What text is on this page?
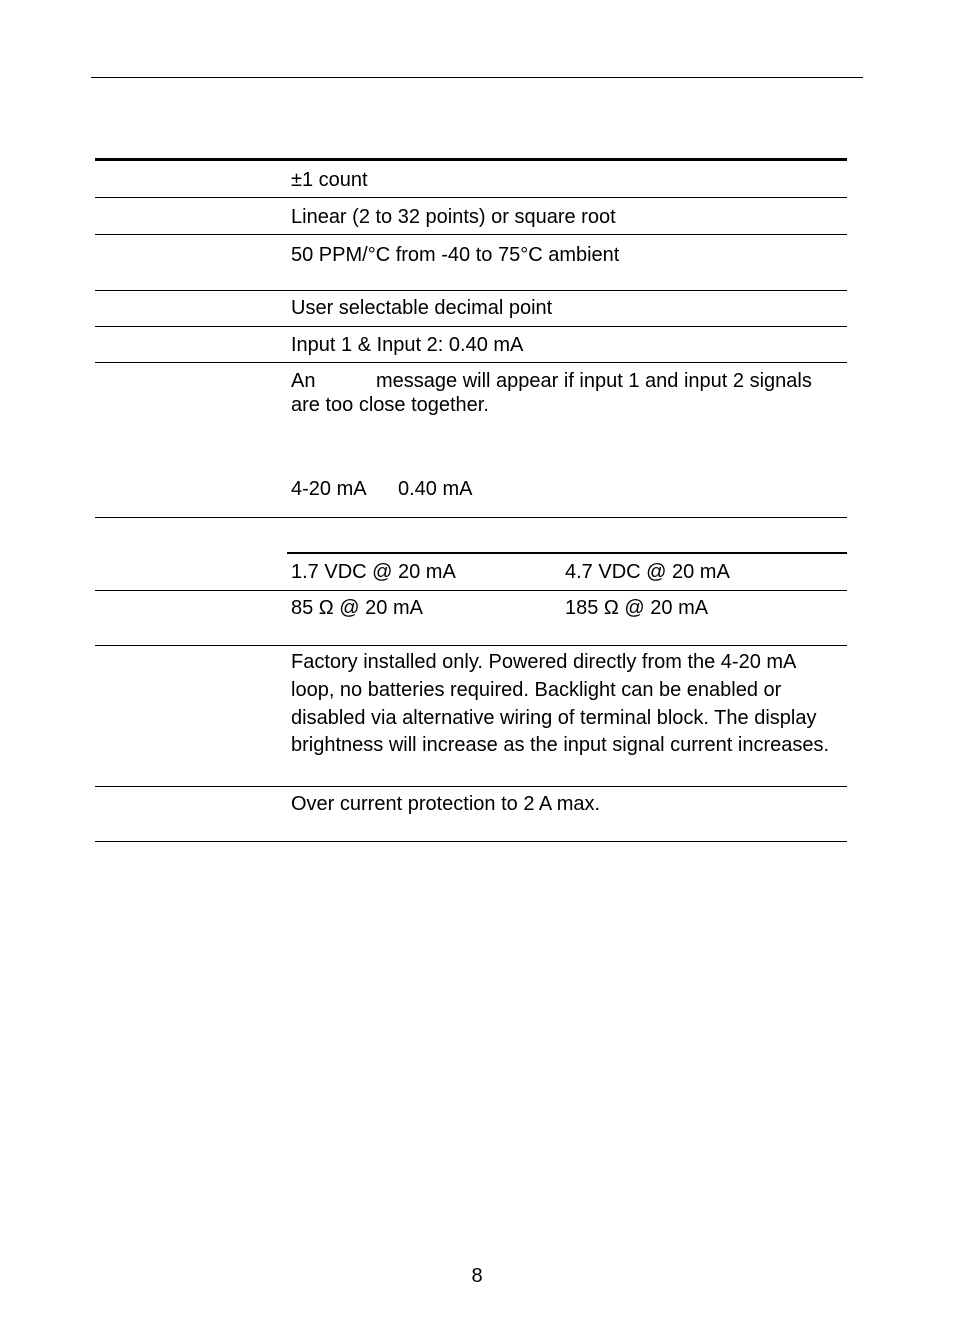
±1 count
Linear (2 to 32 points) or square root
50 PPM/°C from -40 to 75°C ambient
User selectable decimal point
Input 1 & Input 2: 0.40 mA
An	message will appear if input 1 and input 2 signals
are too close together.
4-20 mA 0.40 mA
1.7 VDC @ 20 mA	4.7 VDC @ 20 mA
85 Ω @ 20 mA	185 Ω @ 20 mA
Factory installed only. Powered directly from the 4-20 mA loop, no batteries required. Backlight can be enabled or disabled via alternative wiring of terminal block. The display brightness will increase as the input signal current increases.
Over current protection to 2 A max.
8
